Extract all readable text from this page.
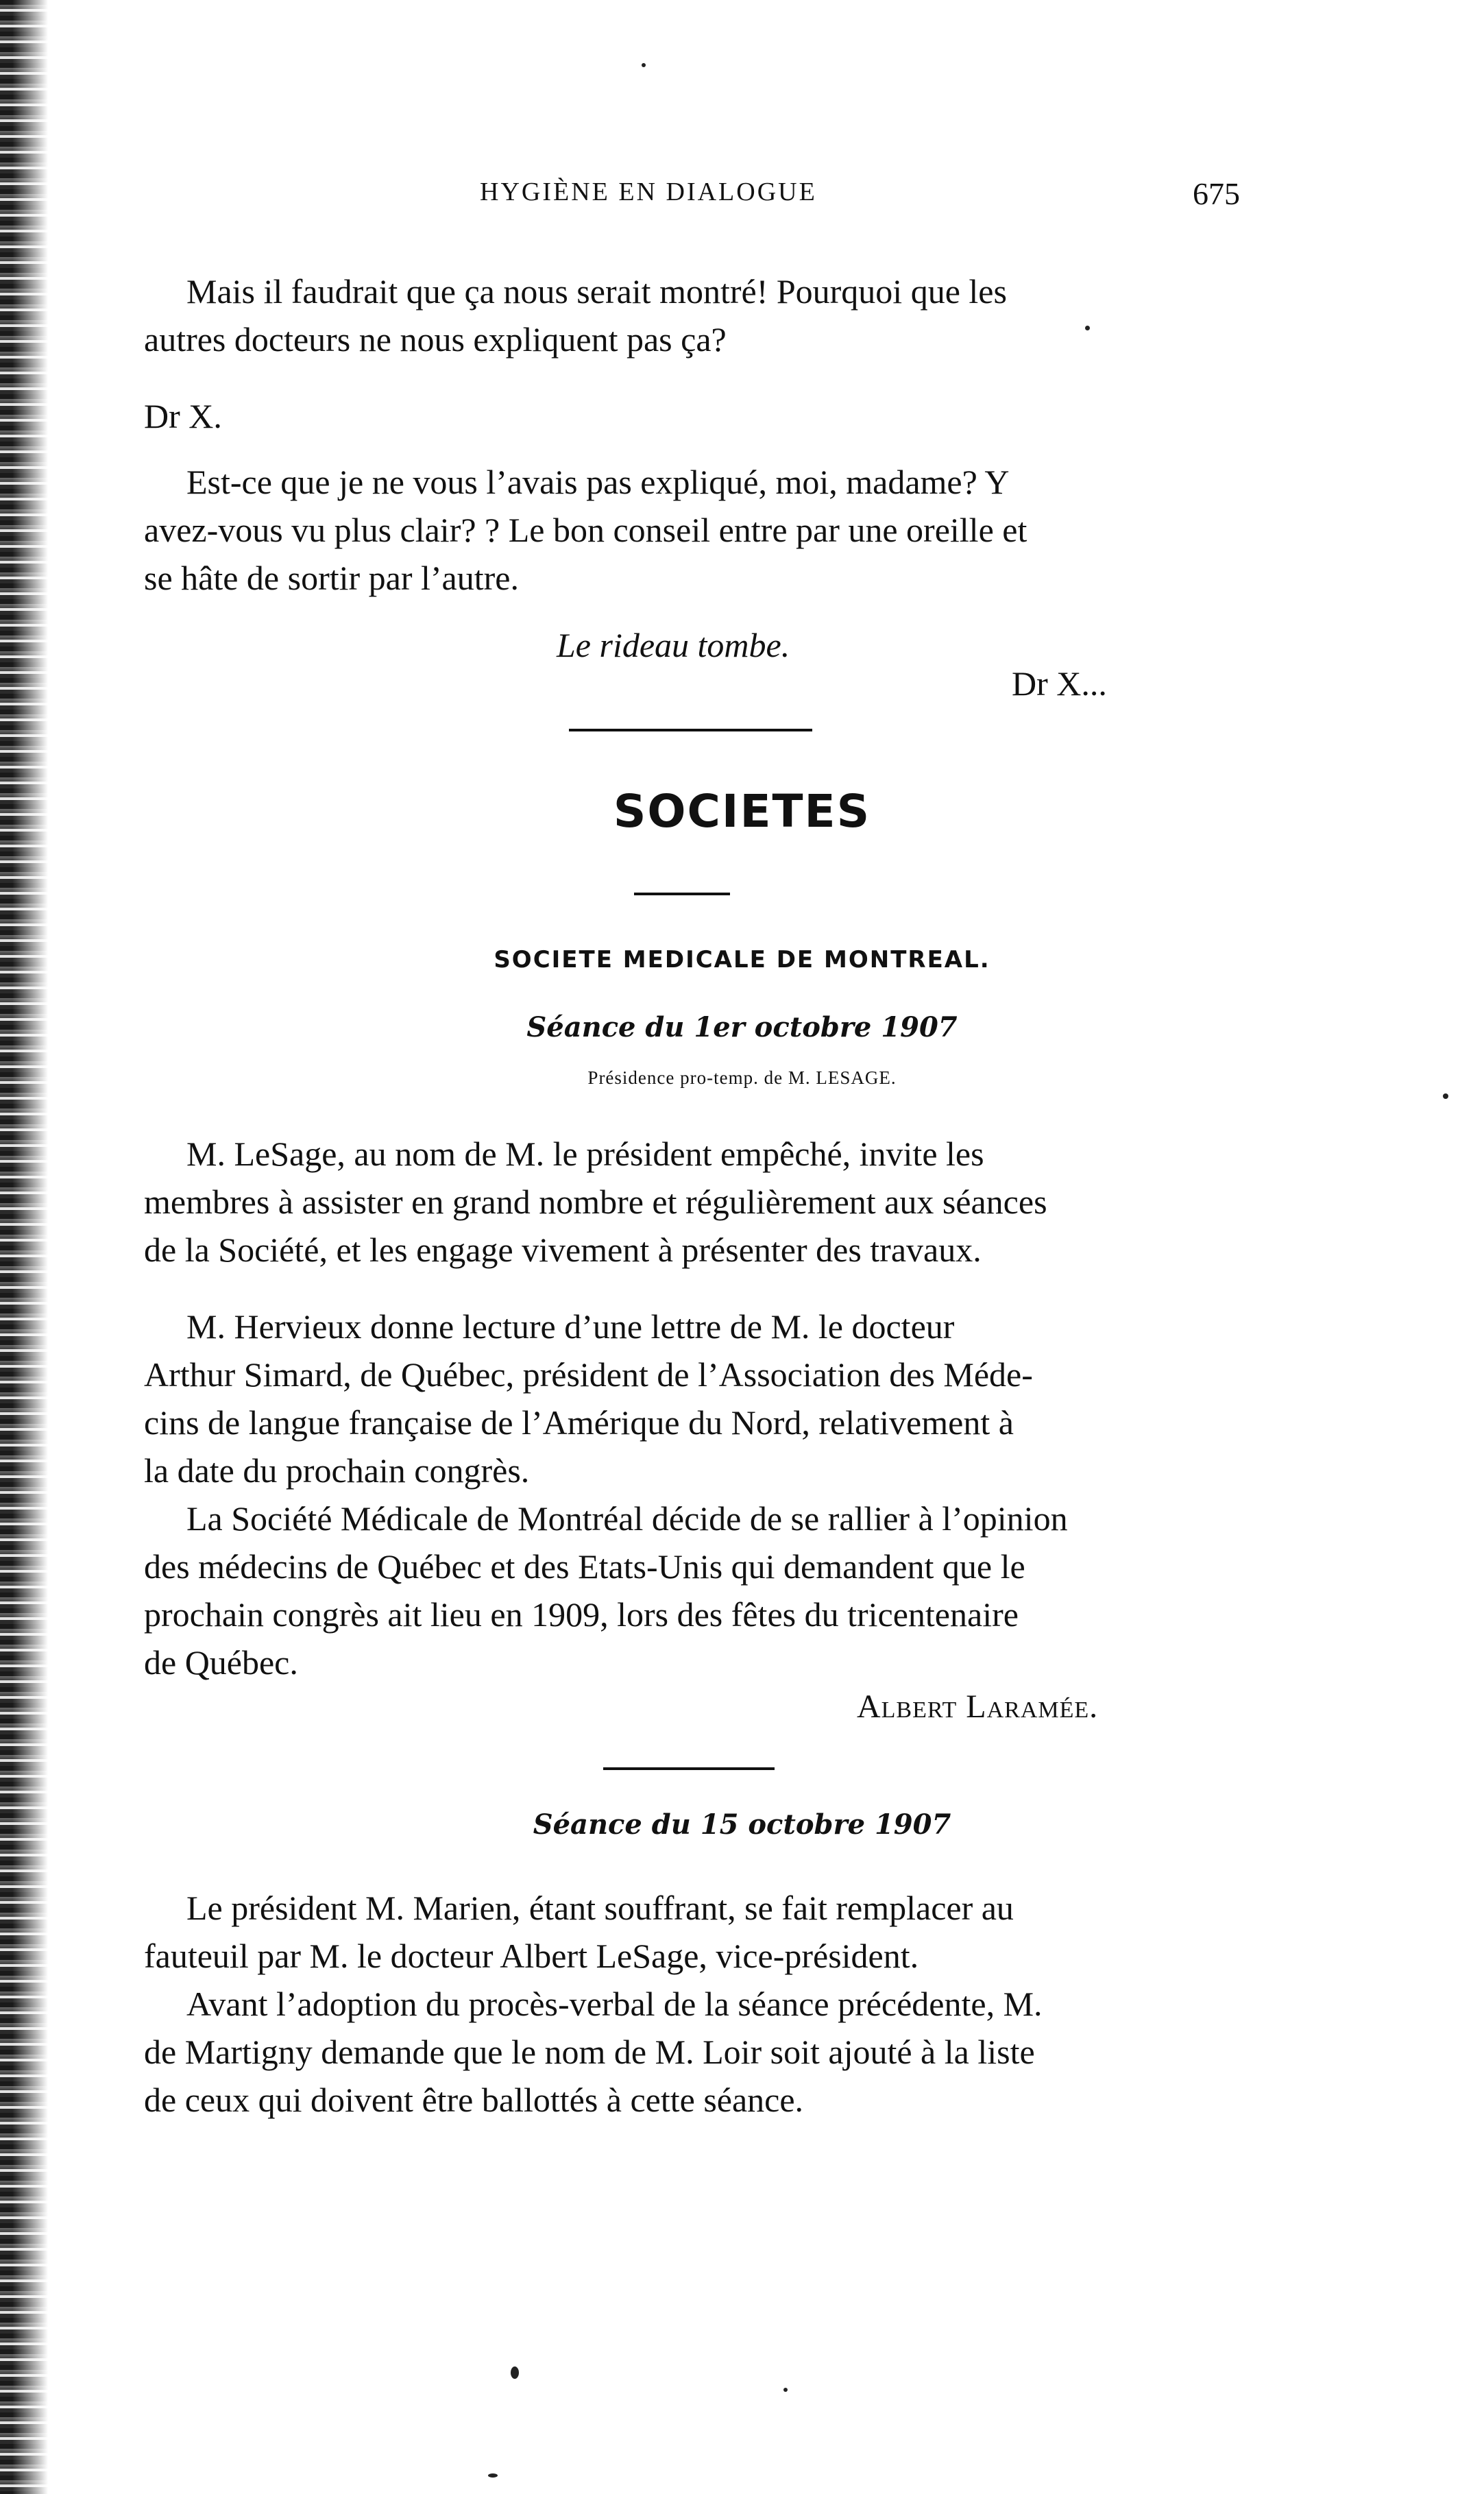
HYGIÈNE EN DIALOGUE	675
Mais il faudrait que ça nous serait montré! Pourquoi que les
autres docteurs ne nous expliquent pas ça?
Dr X.
Est-ce que je ne vous l’avais pas expliqué, moi, madame? Y
avez-vous vu plus clair? ? Le bon conseil entre par une oreille et
se hâte de sortir par l’autre.
Le rideau tombe.
Dr X...
SOCIETES
SOCIETE MEDICALE DE MONTREAL.
Séance du 1er octobre 1907
Présidence pro-temp. de M. LESAGE.
M. LeSage, au nom de M. le président empêché, invite les
membres à assister en grand nombre et régulièrement aux séances
de la Société, et les engage vivement à présenter des travaux.
M. Hervieux donne lecture d’une lettre de M. le docteur
Arthur Simard, de Québec, président de l’Association des Méde-
cins de langue française de l’Amérique du Nord, relativement à
la date du prochain congrès.
La Société Médicale de Montréal décide de se rallier à l’opinion
des médecins de Québec et des Etats-Unis qui demandent que le
prochain congrès ait lieu en 1909, lors des fêtes du tricentenaire
de Québec.
Albert Laramée.
Séance du 15 octobre 1907
Le président M. Marien, étant souffrant, se fait remplacer au
fauteuil par M. le docteur Albert LeSage, vice-président.
Avant l’adoption du procès-verbal de la séance précédente, M.
de Martigny demande que le nom de M. Loir soit ajouté à la liste
de ceux qui doivent être ballottés à cette séance.
